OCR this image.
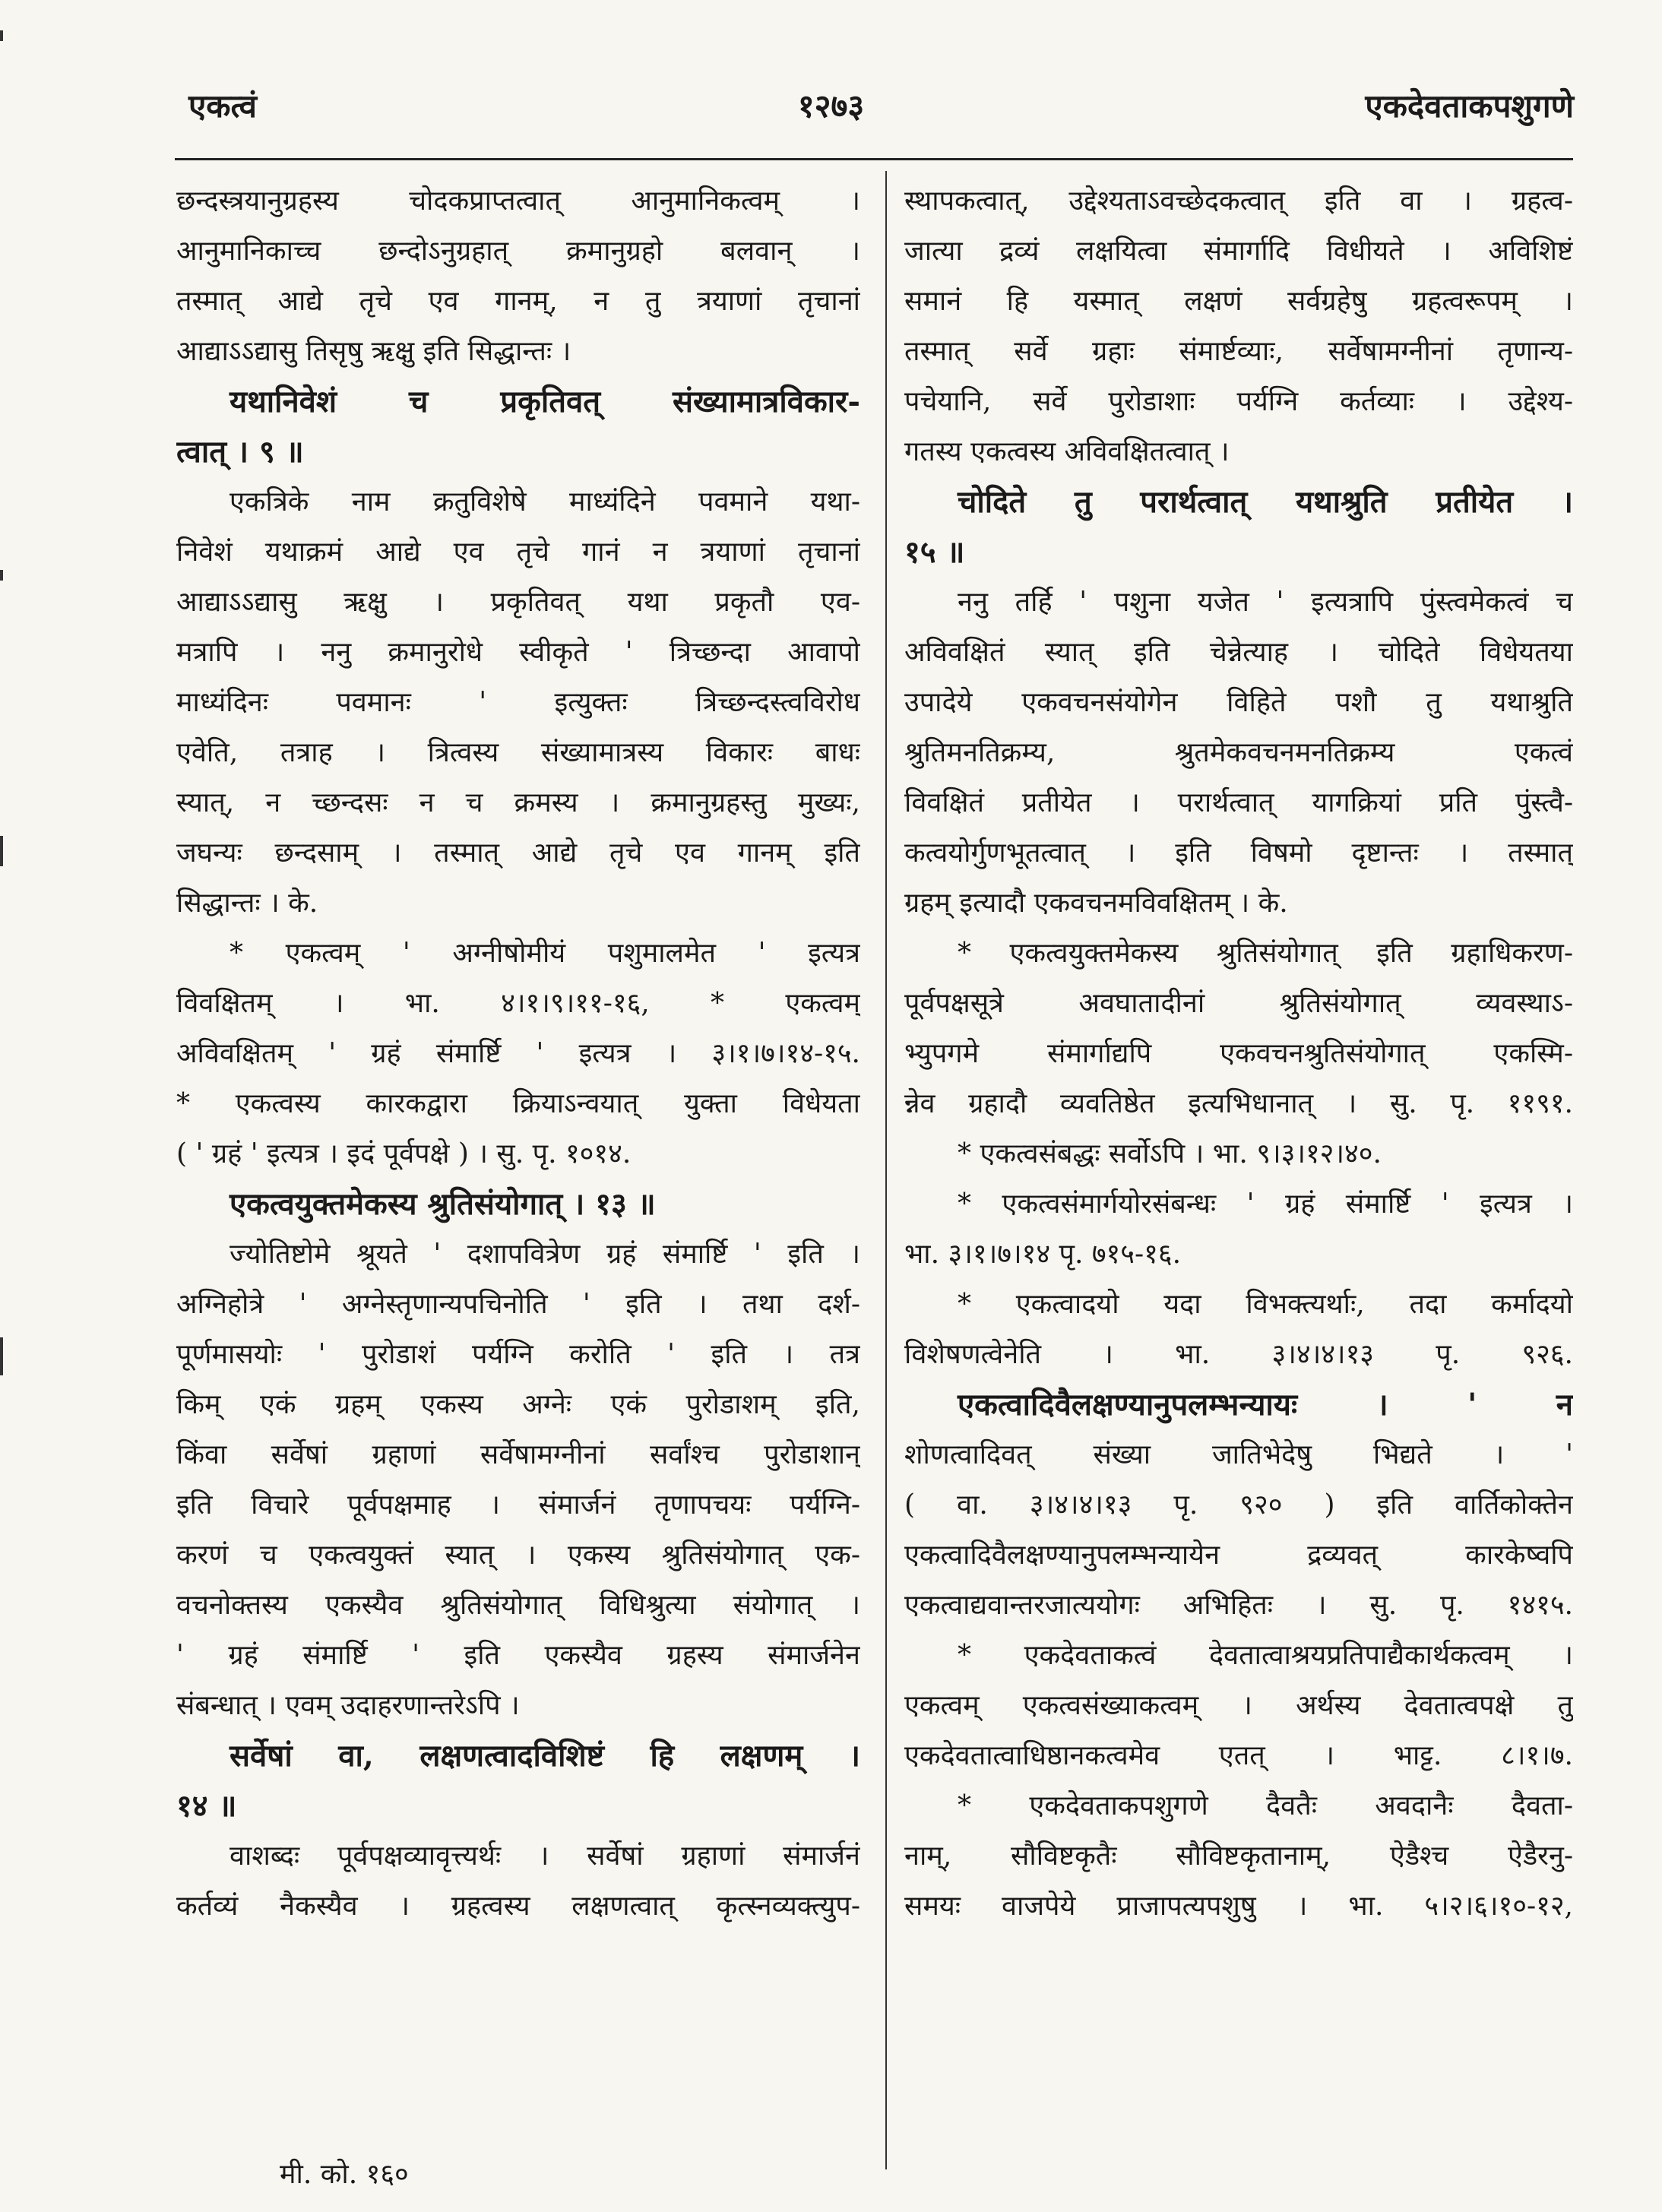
एकत्वं	१२७३	एकदेवताकपशुगणे
छन्दस्त्रयानुग्रहस्य चोदकप्राप्तत्वात् आनुमानिकत्वम् ।
आनुमानिकाच्च छन्दोऽनुग्रहात् क्रमानुग्रहो बलवान् ।
तस्मात् आद्ये तृचे एव गानम्, न तु त्रयाणां तृचानां
आद्याऽऽद्यासु तिसृषु ऋक्षु इति सिद्धान्तः ।
यथानिवेशं च प्रकृतिवत् संख्यामात्रविकार-
त्वात् । ९ ॥
एकत्रिके नाम क्रतुविशेषे माध्यंदिने पवमाने यथा-
निवेशं यथाक्रमं आद्ये एव तृचे गानं न त्रयाणां तृचानां
आद्याऽऽद्यासु ऋक्षु । प्रकृतिवत् यथा प्रकृतौ एव-
मत्रापि । ननु क्रमानुरोधे स्वीकृते ' त्रिच्छन्दा आवापो
माध्यंदिनः पवमानः ' इत्युक्तः त्रिच्छन्दस्त्वविरोध
एवेति, तत्राह । त्रित्वस्य संख्यामात्रस्य विकारः बाधः
स्यात्, न च्छन्दसः न च क्रमस्य । क्रमानुग्रहस्तु मुख्यः,
जघन्यः छन्दसाम् । तस्मात् आद्ये तृचे एव गानम् इति
सिद्धान्तः । के.
* एकत्वम् ' अग्नीषोमीयं पशुमालमेत ' इत्यत्र
विवक्षितम् । भा. ४।१।९।११-१६, * एकत्वम्
अविवक्षितम् ' ग्रहं संमार्ष्टि ' इत्यत्र । ३।१।७।१४-१५.
* एकत्वस्य कारकद्वारा क्रियाऽन्वयात् युक्ता विधेयता
( ' ग्रहं ' इत्यत्र । इदं पूर्वपक्षे ) । सु. पृ. १०१४.
एकत्वयुक्तमेकस्य श्रुतिसंयोगात् । १३ ॥
ज्योतिष्टोमे श्रूयते ' दशापवित्रेण ग्रहं संमार्ष्टि ' इति ।
अग्निहोत्रे ' अग्नेस्तृणान्यपचिनोति ' इति । तथा दर्श-
पूर्णमासयोः ' पुरोडाशं पर्यग्नि करोति ' इति । तत्र
किम् एकं ग्रहम् एकस्य अग्नेः एकं पुरोडाशम् इति,
किंवा सर्वेषां ग्रहाणां सर्वेषामग्नीनां सर्वांश्च पुरोडाशान्
इति विचारे पूर्वपक्षमाह । संमार्जनं तृणापचयः पर्यग्नि-
करणं च एकत्वयुक्तं स्यात् । एकस्य श्रुतिसंयोगात् एक-
वचनोक्तस्य एकस्यैव श्रुतिसंयोगात् विधिश्रुत्या संयोगात् ।
' ग्रहं संमार्ष्टि ' इति एकस्यैव ग्रहस्य संमार्जनेन
संबन्धात् । एवम् उदाहरणान्तरेऽपि ।
सर्वेषां वा, लक्षणत्वादविशिष्टं हि लक्षणम् ।
१४ ॥
वाशब्दः पूर्वपक्षव्यावृत्त्यर्थः । सर्वेषां ग्रहाणां संमार्जनं
कर्तव्यं नैकस्यैव । ग्रहत्वस्य लक्षणत्वात् कृत्स्नव्यक्त्युप-
स्थापकत्वात्, उद्देश्यताऽवच्छेदकत्वात् इति वा । ग्रहत्व-
जात्या द्रव्यं लक्षयित्वा संमार्गादि विधीयते । अविशिष्टं
समानं हि यस्मात् लक्षणं सर्वग्रहेषु ग्रहत्वरूपम् ।
तस्मात् सर्वे ग्रहाः संमार्ष्टव्याः, सर्वेषामग्नीनां तृणान्य-
पचेयानि, सर्वे पुरोडाशाः पर्यग्नि कर्तव्याः । उद्देश्य-
गतस्य एकत्वस्य अविवक्षितत्वात् ।
चोदिते तु परार्थत्वात् यथाश्रुति प्रतीयेत ।
१५ ॥
ननु तर्हि ' पशुना यजेत ' इत्यत्रापि पुंस्त्वमेकत्वं च
अविवक्षितं स्यात् इति चेन्नेत्याह । चोदिते विधेयतया
उपादेये एकवचनसंयोगेन विहिते पशौ तु यथाश्रुति
श्रुतिमनतिक्रम्य, श्रुतमेकवचनमनतिक्रम्य एकत्वं
विवक्षितं प्रतीयेत । परार्थत्वात् यागक्रियां प्रति पुंस्त्वै-
कत्वयोर्गुणभूतत्वात् । इति विषमो दृष्टान्तः । तस्मात्
ग्रहम् इत्यादौ एकवचनमविवक्षितम् । के.
* एकत्वयुक्तमेकस्य श्रुतिसंयोगात् इति ग्रहाधिकरण-
पूर्वपक्षसूत्रे अवघातादीनां श्रुतिसंयोगात् व्यवस्थाऽ-
भ्युपगमे संमार्गाद्यपि एकवचनश्रुतिसंयोगात् एकस्मि-
न्नेव ग्रहादौ व्यवतिष्ठेत इत्यभिधानात् । सु. पृ. ११९१.
* एकत्वसंबद्धः सर्वोऽपि । भा. ९।३।१२।४०.
* एकत्वसंमार्गयोरसंबन्धः ' ग्रहं संमार्ष्टि ' इत्यत्र ।
भा. ३।१।७।१४ पृ. ७१५-१६.
* एकत्वादयो यदा विभक्त्यर्थाः, तदा कर्मादयो
विशेषणत्वेनेति । भा. ३।४।४।१३ पृ. ९२६.
एकत्वादिवैलक्षण्यानुपलम्भन्यायः । ' न
शोणत्वादिवत् संख्या जातिभेदेषु भिद्यते । '
( वा. ३।४।४।१३ पृ. ९२० ) इति वार्तिकोक्तेन
एकत्वादिवैलक्षण्यानुपलम्भन्यायेन द्रव्यवत् कारकेष्वपि
एकत्वाद्यवान्तरजात्ययोगः अभिहितः । सु. पृ. १४१५.
* एकदेवताकत्वं देवतात्वाश्रयप्रतिपाद्यैकार्थकत्वम् ।
एकत्वम् एकत्वसंख्याकत्वम् । अर्थस्य देवतात्वपक्षे तु
एकदेवतात्वाधिष्ठानकत्वमेव एतत् । भाट्ट. ८।१।७.
* एकदेवताकपशुगणे दैवतैः अवदानैः दैवता-
नाम्, सौविष्टकृतैः सौविष्टकृतानाम्, ऐडैश्च ऐडैरनु-
समयः वाजपेये प्राजापत्यपशुषु । भा. ५।२।६।१०-१२,
मी. को. १६०
